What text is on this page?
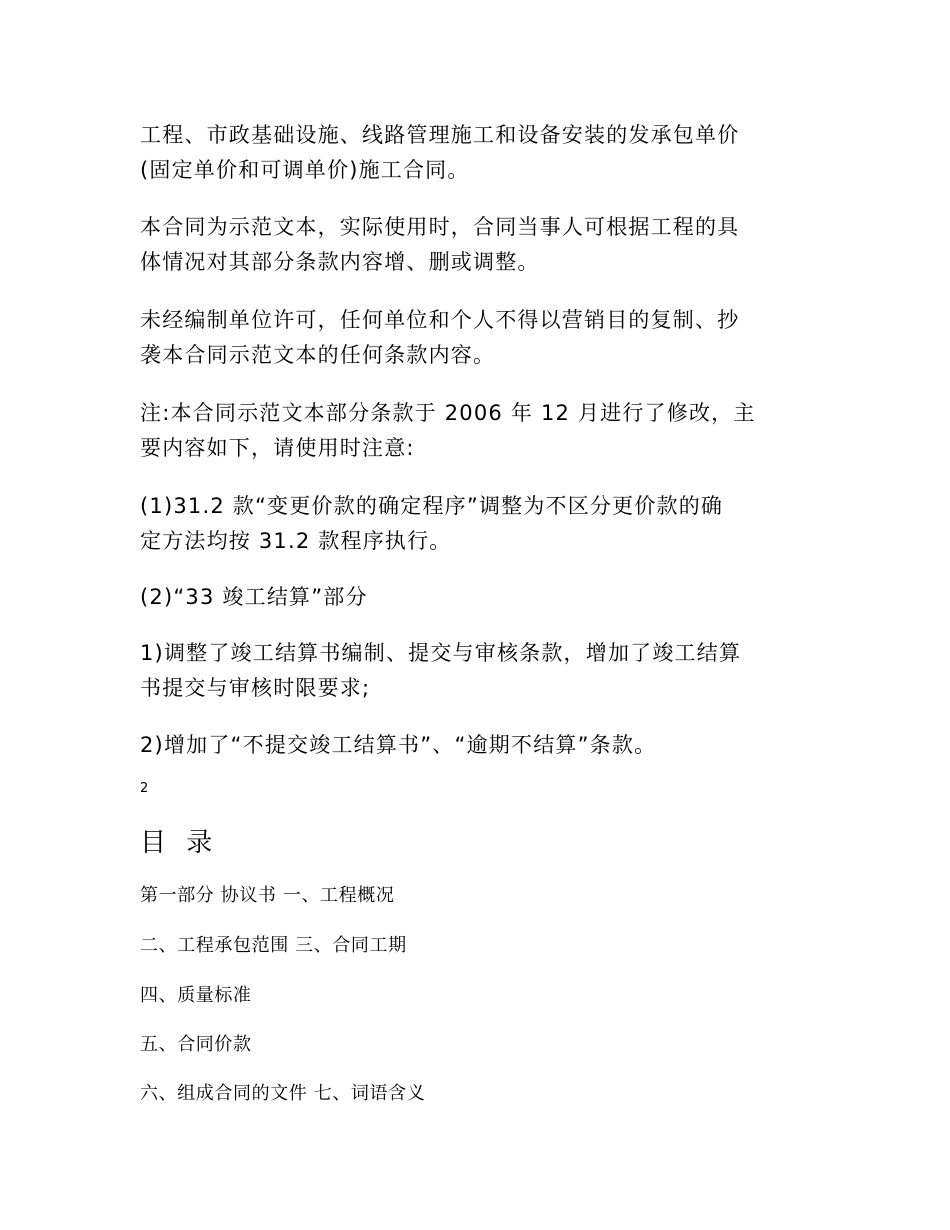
工程、市政基础设施、线路管理施工和设备安装的发承包单价
(固定单价和可调单价)施工合同。
本合同为示范文本，实际使用时，合同当事人可根据工程的具
体情况对其部分条款内容增、删或调整。
未经编制单位许可，任何单位和个人不得以营销目的复制、抄
袭本合同示范文本的任何条款内容。
注:本合同示范文本部分条款于 2006 年 12 月进行了修改，主
要内容如下，请使用时注意:
(1)31.2 款“变更价款的确定程序”调整为不区分更价款的确
定方法均按 31.2 款程序执行。
(2)“33 竣工结算”部分
1)调整了竣工结算书编制、提交与审核条款，增加了竣工结算
书提交与审核时限要求;
2)增加了“不提交竣工结算书”、“逾期不结算”条款。
2
目 录
第一部分 协议书 一、工程概况
二、工程承包范围 三、合同工期
四、质量标准
五、合同价款
六、组成合同的文件 七、词语含义
